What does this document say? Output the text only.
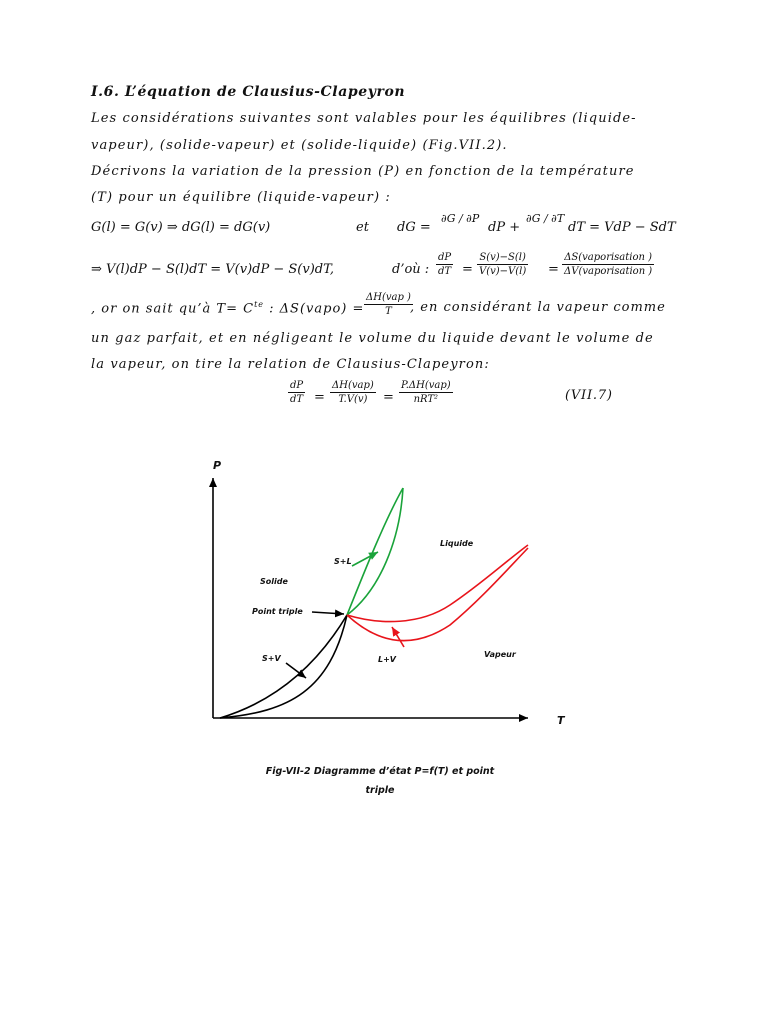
I.6. L’équation de Clausius-Clapeyron
Les considérations suivantes sont valables pour les équilibres (liquide-
vapeur), (solide-vapeur) et (solide-liquide) (Fig.VII.2).
Décrivons la variation de la pression (P) en fonction de la température
(T) pour un équilibre (liquide-vapeur) :
G(l) = G(v) ⇒ dG(l) = dG(v)	et dG =
∂G / ∂P
dP +
∂G / ∂T
dT = VdP − SdT
⇒ V(l)dP − S(l)dT = V(v)dP − S(v)dT,	d’où : $\frac{dP}{dT} = \frac{S(v)-S(l)}{V(v)-V(l)}$ =
ΔS(vaporisation )
ΔV(vaporisation )
, or on sait qu’à $T= C^{te}$ : ΔS(vapo) =
ΔH(vap )
T	, en considérant la vapeur comme
un gaz parfait, et en négligeant le volume du liquide devant le volume de
la vapeur, on tire la relation de Clausius-Clapeyron:
$\frac{dP}{dT}$ =
ΔH(vap)
T.V(v)	=
P.ΔH(vap)
nRT²	(VII.7)
P
T
Liquide
Solide
Vapeur
Point triple
S+L
S+V	L+V
Fig-VII-2 Diagramme d’état P=f(T) et point
triple
